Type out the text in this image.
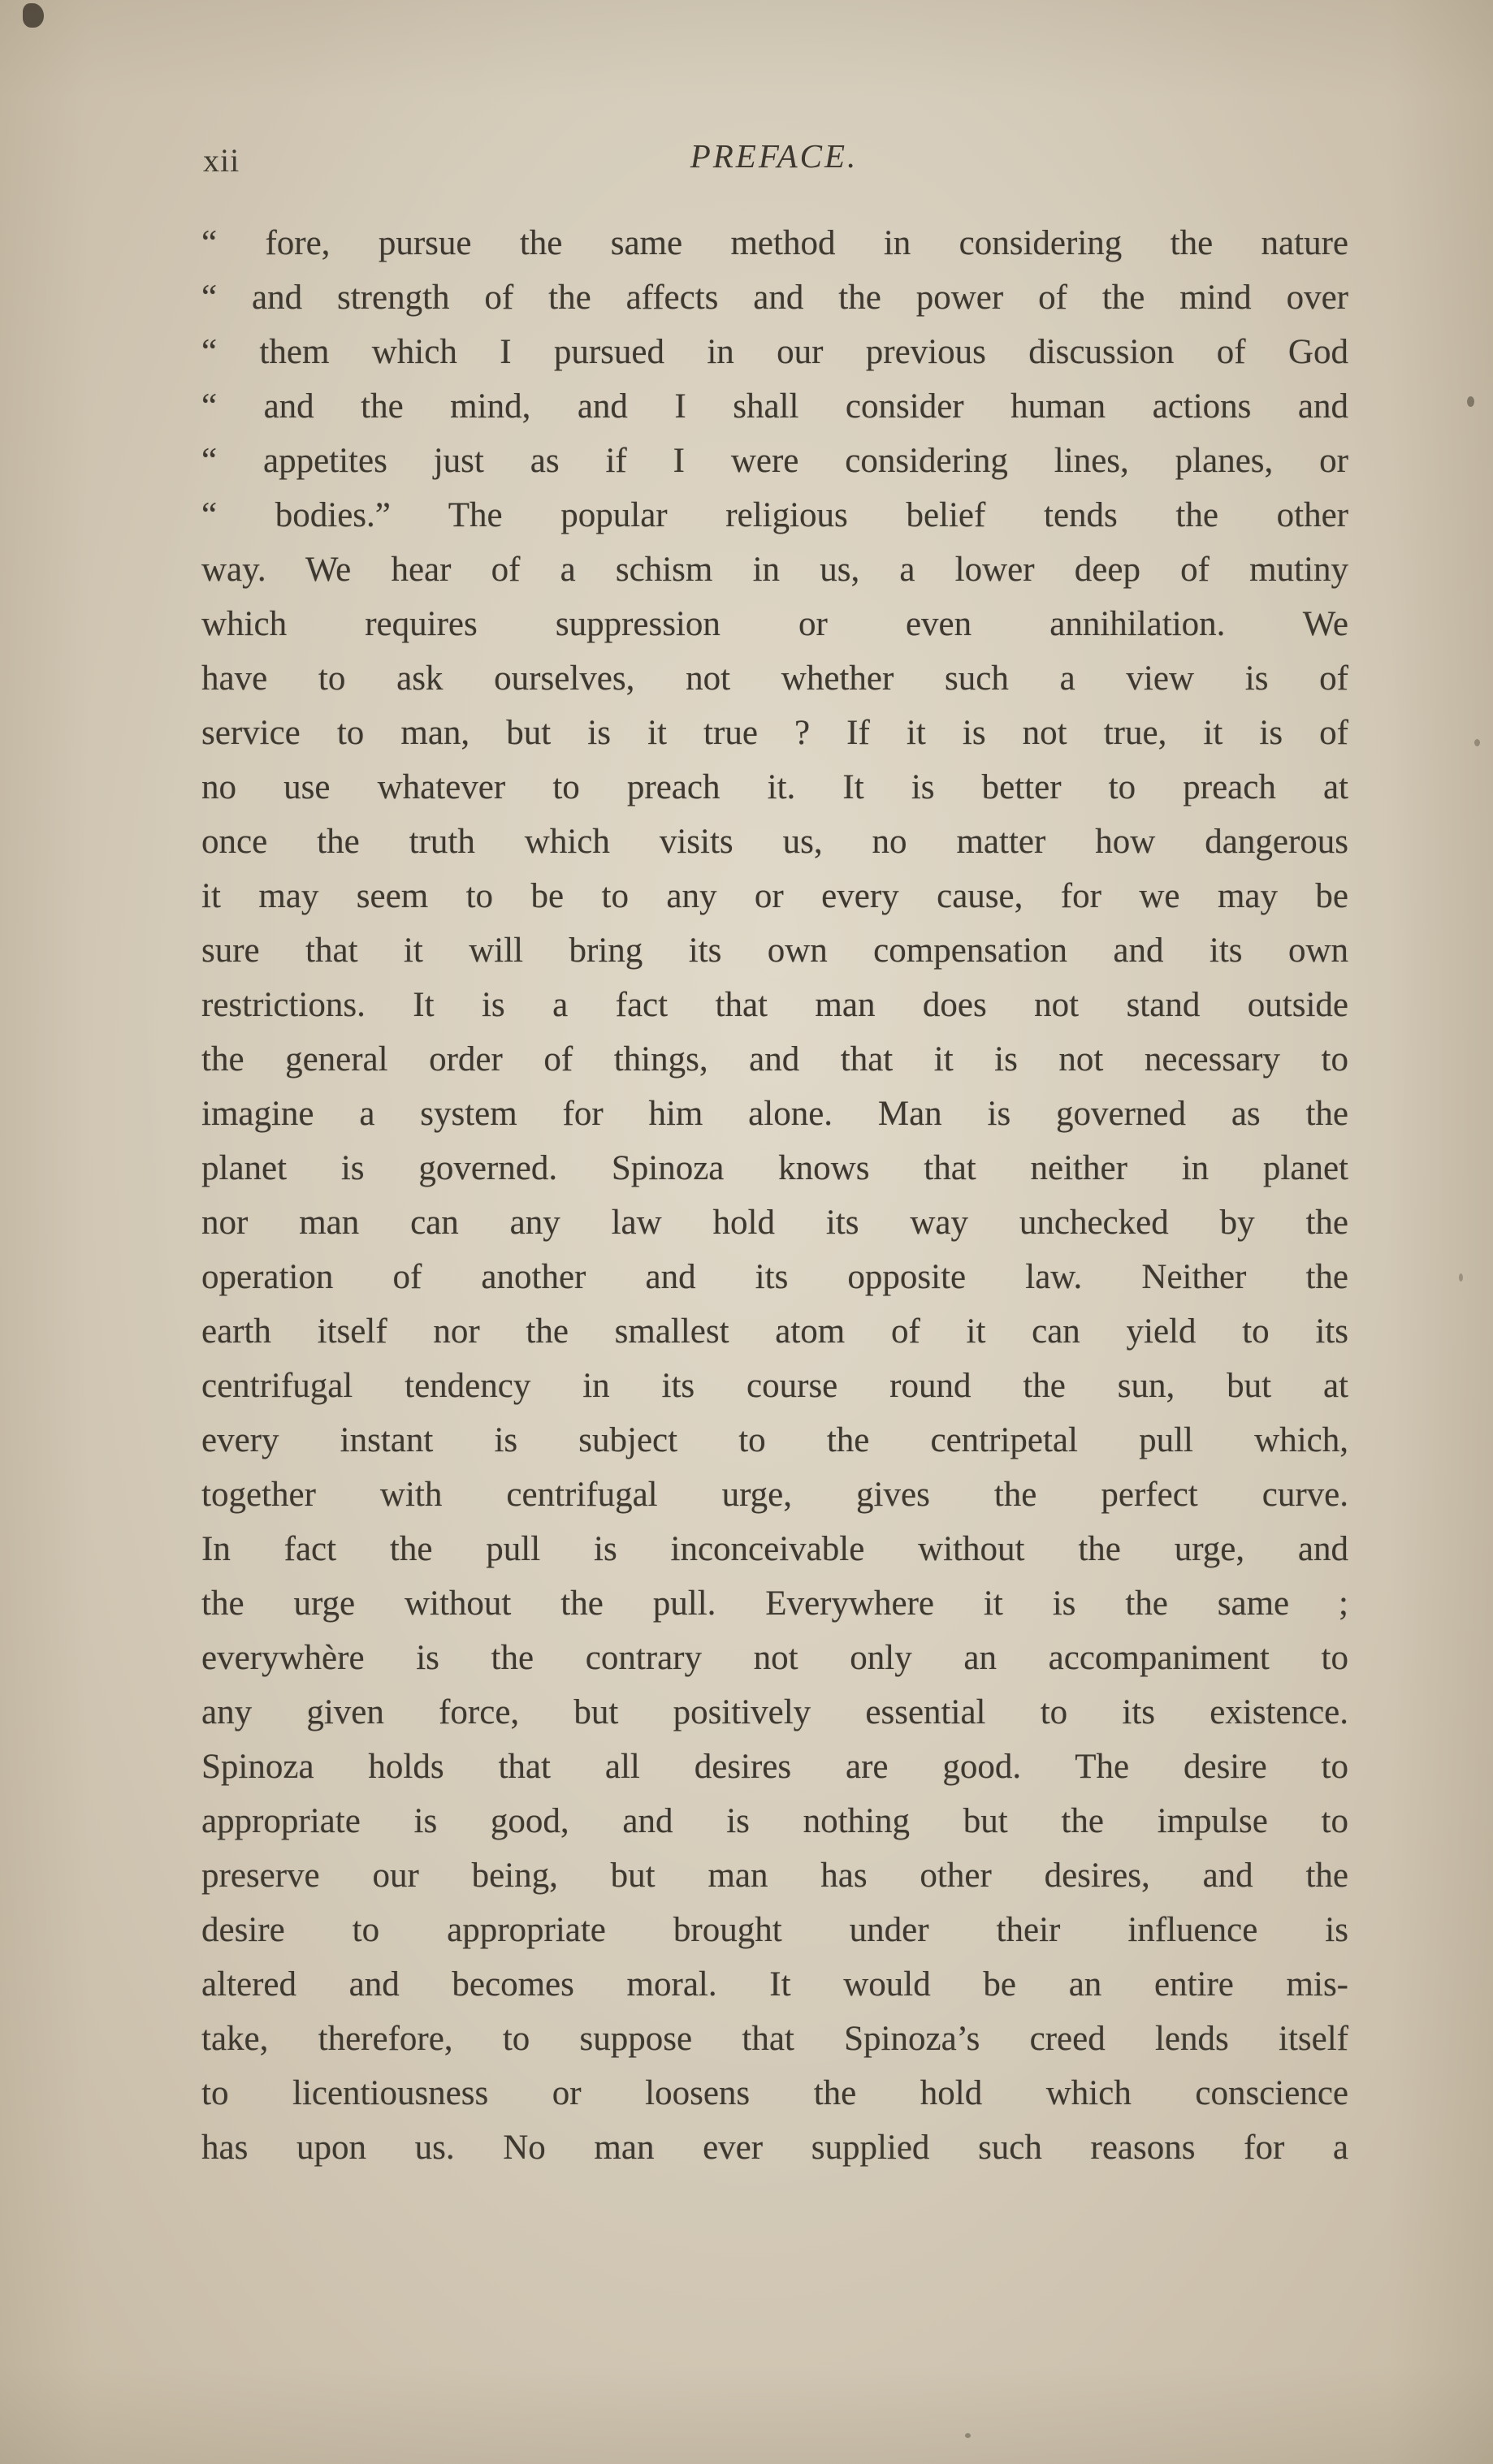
xii	PREFACE.
“ fore, pursue the same method in considering the nature
“ and strength of the affects and the power of the mind over
“ them which I pursued in our previous discussion of God
“ and the mind, and I shall consider human actions and
“ appetites just as if I were considering lines, planes, or
“ bodies.” The popular religious belief tends the other
way. We hear of a schism in us, a lower deep of mutiny
which requires suppression or even annihilation. We
have to ask ourselves, not whether such a view is of
service to man, but is it true ? If it is not true, it is of
no use whatever to preach it. It is better to preach at
once the truth which visits us, no matter how dangerous
it may seem to be to any or every cause, for we may be
sure that it will bring its own compensation and its own
restrictions. It is a fact that man does not stand outside
the general order of things, and that it is not necessary to
imagine a system for him alone. Man is governed as the
planet is governed. Spinoza knows that neither in planet
nor man can any law hold its way unchecked by the
operation of another and its opposite law. Neither the
earth itself nor the smallest atom of it can yield to its
centrifugal tendency in its course round the sun, but at
every instant is subject to the centripetal pull which,
together with centrifugal urge, gives the perfect curve.
In fact the pull is inconceivable without the urge, and
the urge without the pull. Everywhere it is the same ;
everywhère is the contrary not only an accompaniment to
any given force, but positively essential to its existence.
Spinoza holds that all desires are good. The desire to
appropriate is good, and is nothing but the impulse to
preserve our being, but man has other desires, and the
desire to appropriate brought under their influence is
altered and becomes moral. It would be an entire mis-
take, therefore, to suppose that Spinoza’s creed lends itself
to licentiousness or loosens the hold which conscience
has upon us. No man ever supplied such reasons for a
